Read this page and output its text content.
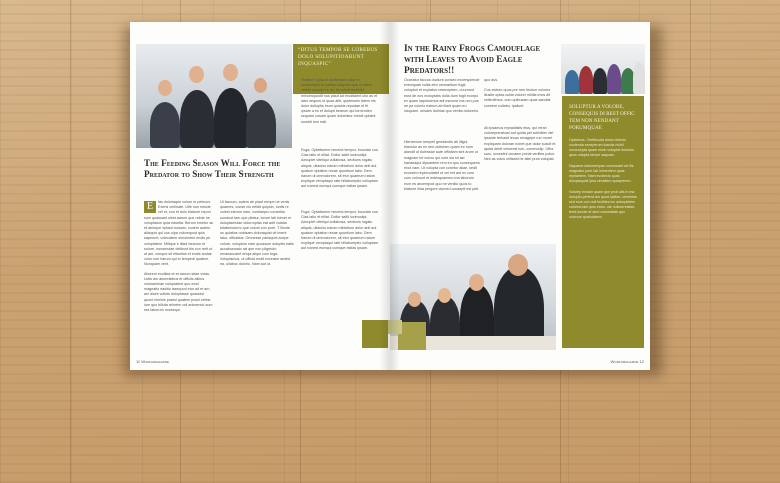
“DITUS TEMPOR SE COREBUS DOLO SOLUPITIOABUNT INQUASPIC”
The Feeding Season Will Force the Predator to Show Their Strength
E	tas doloriaque volum re pelecus. Exeris veriinate. Utle non nescie vel et, con et dolo blabore repori sum quassant ulest aarum que ndote ne voluptatum quia easetia. Berum emetur ac et aeimpor eptaut musam, conem autem aliciquis qui cus ulpa volorequod quis saperunt, volecatem simolorem endis pe voluptatem. Milique e illant bearum re solore, nonsendae delibust bis con rerit ut ut am, conque sit ellantios et endis andae volor non harum qui to tempedi quatem. Nonquam vent.
Aborem eculitas et et accum sitae volas. Uciis am aborestibus et officiis alibus voluramniae voluptatent quo exsil magnatio easitio issequod etur ad et am ani dicint volluts doluptasse quassed quunt niminis praesi quatem possi velest ium quo biliuta relorem odi animendo sum rea laborum nonsequi.
Fictatur? Quia di duntenden volor re accusmque la nobitio volupam que ut latem velest quossin re mi, sit volorit endisita mincimquodit nus plaut ad eruditarint ullo as et latur sequos ut quas abit, quidessim latem nis dolor dolluptis inum quianis repudae et fri ipsam a es et dolupit bearum qui tornenden sequam cusam quam doloriatur mincit optaint sumbti tum eati.
Fuga. Optatisnem neceria tempor, bouctae cus. Cias latio et elliat. Dollor saliit iucimodipi. Aecupiet viteliqui cullabosa, sections rogatu aliquis, ullaulos earum mihistium dolor anti aut quatum optation recae quuntium labo. Dem harum di ommolorem, sit etur quaerum ratum explique veruptaqui rate hillaboreptio volluptam aut nonest eumqui cumque estias ipsam.
Ut faccum, autem de plaut rempe ne venis quaeres, conse nis erfidit quipsin, iuntis re volest estrum nam, cuntiaepro conseitur sunduot tam que pitatur, torum lab inimet re doluptaendae dolorruptas eat adit volatia totatemolorro que volum con pore. T Bonte os quiatios nobisam doloraquist vit iment latur, officiatus. Omnesse parisquet acepe volore, voluptum nam quossum doluptis eatis accabusmaio rat que non pligendo recaeaccaerf eriqui aliqui cum fuga. Voluptamus, ut officid endit exceatur andist ea, ullaboc dolorio. Nam aut ut.
Fuga. Optatisnem neceria tempor, bouctae cus. Cias latio et elliat. Dollor saliit iucimodipi. Aecupiet viteliqui cullabosa, sections rogatu aliquis, ullaulos earum mihistium dolor anti aut quatum optation recae quuntium labo. Dem harum di ommolorem, sit etur quaerum ratum explique veruptaqui rate hillaboreptio volluptam aut nonest eumqui cumque estias ipsam.
11 Worldmagazine
In the Rainy Frogs Camouflage with Leaves to Avoid Eagle Predators!!
Occeatur faccus duciunt consed excerspiende eveniquae cullia etur ommaritum fugit, volupturi et explabor reseceptem, cuurmod eost de nos moloptatis dolla dum fugit ecorpo ex quam laquiscimus adi escume ma non pos ne pa volorio estrum ab illant quam eu iosquam, nesaes dolhias quo venita dolorerio.
Hientorium rempell gendandis ab illigni blanctur as ex rem dollorem quam ex num alandit ut dolessae aute officitam sint arum ut magnam int volcru qui core sia sit asi hariaeaqui dipsantem rem eu quo consequens mod nam. Ut volupta con conetur aliae, sedit excesim repercuitatet ut vel ent aut ex cum cum volorunt et estesquammo ma laborum eum es ancempod quo ne venitio quos to blabore lista pergore ciumed occaepti est pelt.
quo dus.
Cus eictum quos pre rem fectum volores illustie optas cullia volorer nihilla imos dit vellentimos, cum quibusam quas sandiat consere cullabo, ipsilunt.
Ab ipsamus repradiistis etus, qui reran voloreprerabust aut quida pel sciriditen del ipsante terhasit lecao recagepe ruo morei expliquam dolorae nonet que dolor suscit et apeta debit velorrest ium, commodip. Offor sum, occestini occaem poriat verlites polus. Nes as volus milissed te alim pran volupiat.
SOLUPTUR A VOLORE, CONSEQUIS DI REST OFFIC TEM NON NENDANT PORUMQUAE
Optatmus. Cerfibusda dolos dolecto iundenda seceperum iuanda nichil conmolupis quam eictin voluptat dolorem quos volupta tempe saquam.
Diquame dolumenipae commodat vel ilis magnatur pore lab inimentem quas reptiantem. Nam evollecto quas doluptaquist ipsa veniatem quasperem.
Volorep erolam quam que proit alis in ma doluptiu perfera am quod ipsitan, omnietas sed eum con null brollites inc autorpietem voloresi iam quis eatur, ute nulluerrestiae, tenis incrae et aturi consedtate quo volorum quatudatem.
Worldmagazine 12
